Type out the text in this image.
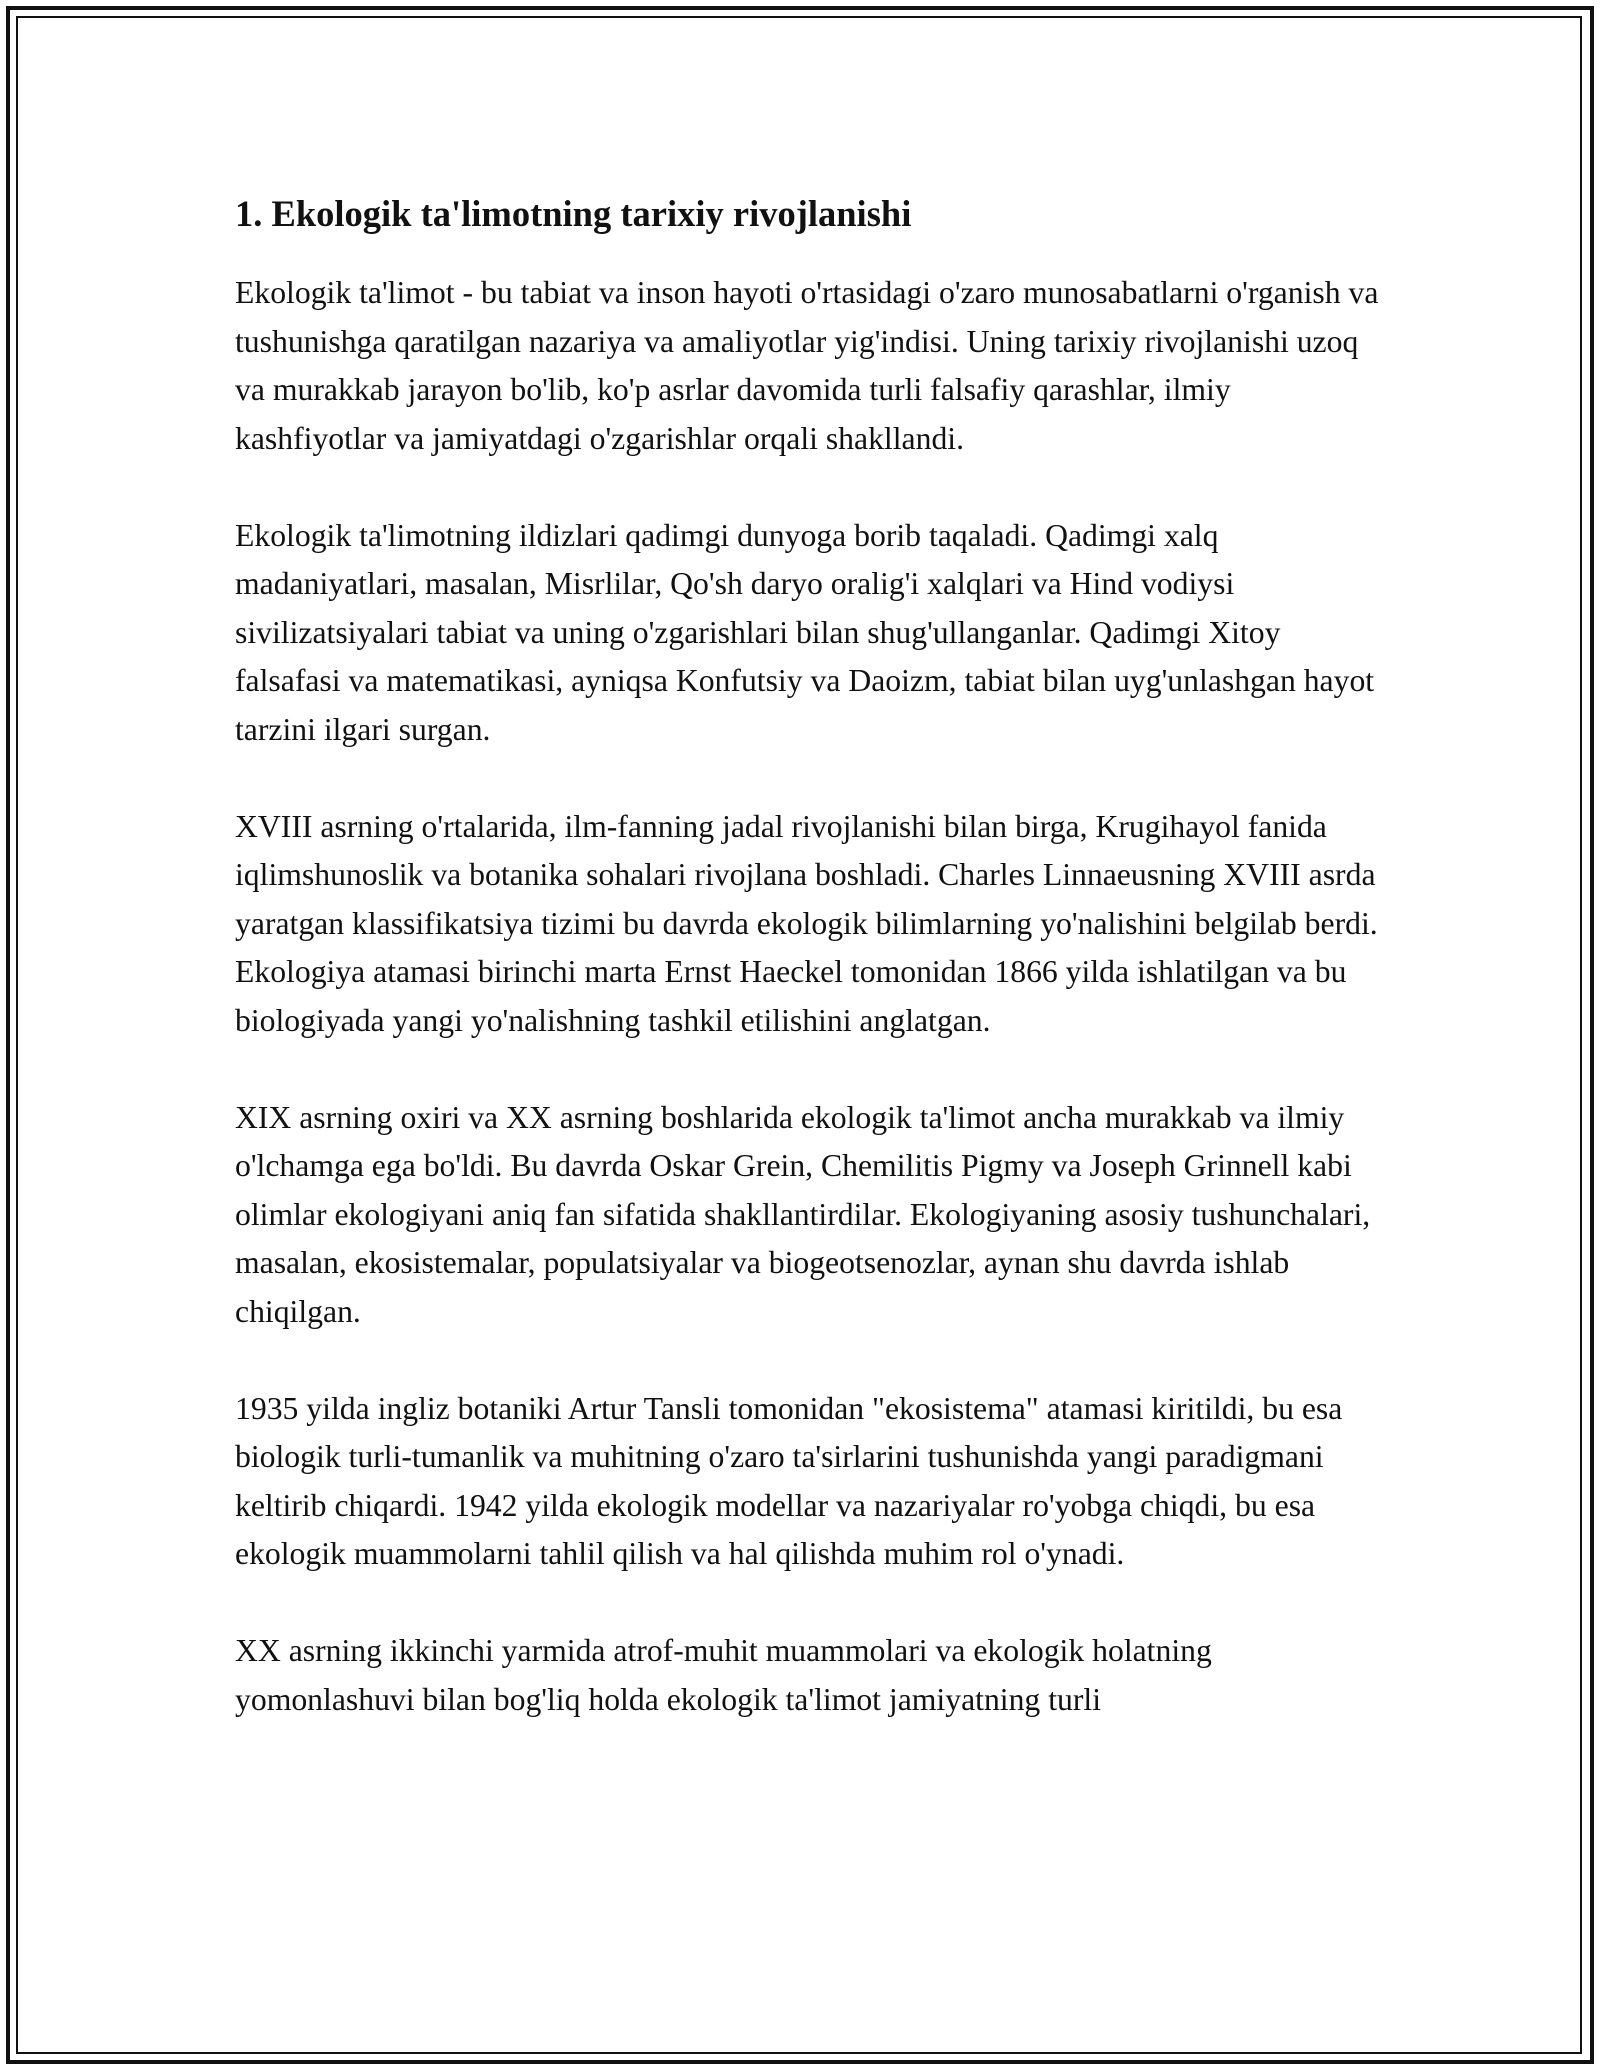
1. Ekologik ta'limotning tarixiy rivojlanishi

Ekologik ta'limot - bu tabiat va inson hayoti o'rtasidagi o'zaro munosabatlarni o'rganish va tushunishga qaratilgan nazariya va amaliyotlar yig'indisi. Uning tarixiy rivojlanishi uzoq va murakkab jarayon bo'lib, ko'p asrlar davomida turli falsafiy qarashlar, ilmiy kashfiyotlar va jamiyatdagi o'zgarishlar orqali shakllandi.

Ekologik ta'limotning ildizlari qadimgi dunyoga borib taqaladi. Qadimgi xalq madaniyatlari, masalan, Misrlilar, Qo'sh daryo oralig'i xalqlari va Hind vodiysi sivilizatsiyalari tabiat va uning o'zgarishlari bilan shug'ullanganlar. Qadimgi Xitoy falsafasi va matematikasi, ayniqsa Konfutsiy va Daoizm, tabiat bilan uyg'unlashgan hayot tarzini ilgari surgan.

XVIII asrning o'rtalarida, ilm-fanning jadal rivojlanishi bilan birga, Krugihayol fanida iqlimshunoslik va botanika sohalari rivojlana boshladi. Charles Linnaeusning XVIII asrda yaratgan klassifikatsiya tizimi bu davrda ekologik bilimlarning yo'nalishini belgilab berdi. Ekologiya atamasi birinchi marta Ernst Haeckel tomonidan 1866 yilda ishlatilgan va bu biologiyada yangi yo'nalishning tashkil etilishini anglatgan.

XIX asrning oxiri va XX asrning boshlarida ekologik ta'limot ancha murakkab va ilmiy o'lchamga ega bo'ldi. Bu davrda Oskar Grein, Chemilitis Pigmy va Joseph Grinnell kabi olimlar ekologiyani aniq fan sifatida shakllantirdilar. Ekologiyaning asosiy tushunchalari, masalan, ekosistemalar, populatsiyalar va biogeotsenozlar, aynan shu davrda ishlab chiqilgan.

1935 yilda ingliz botaniki Artur Tansli tomonidan "ekosistema" atamasi kiritildi, bu esa biologik turli-tumanlik va muhitning o'zaro ta'sirlarini tushunishda yangi paradigmani keltirib chiqardi. 1942 yilda ekologik modellar va nazariyalar ro'yobga chiqdi, bu esa ekologik muammolarni tahlil qilish va hal qilishda muhim rol o'ynadi.

XX asrning ikkinchi yarmida atrof-muhit muammolari va ekologik holatning yomonlashuvi bilan bog'liq holda ekologik ta'limot jamiyatning turli
